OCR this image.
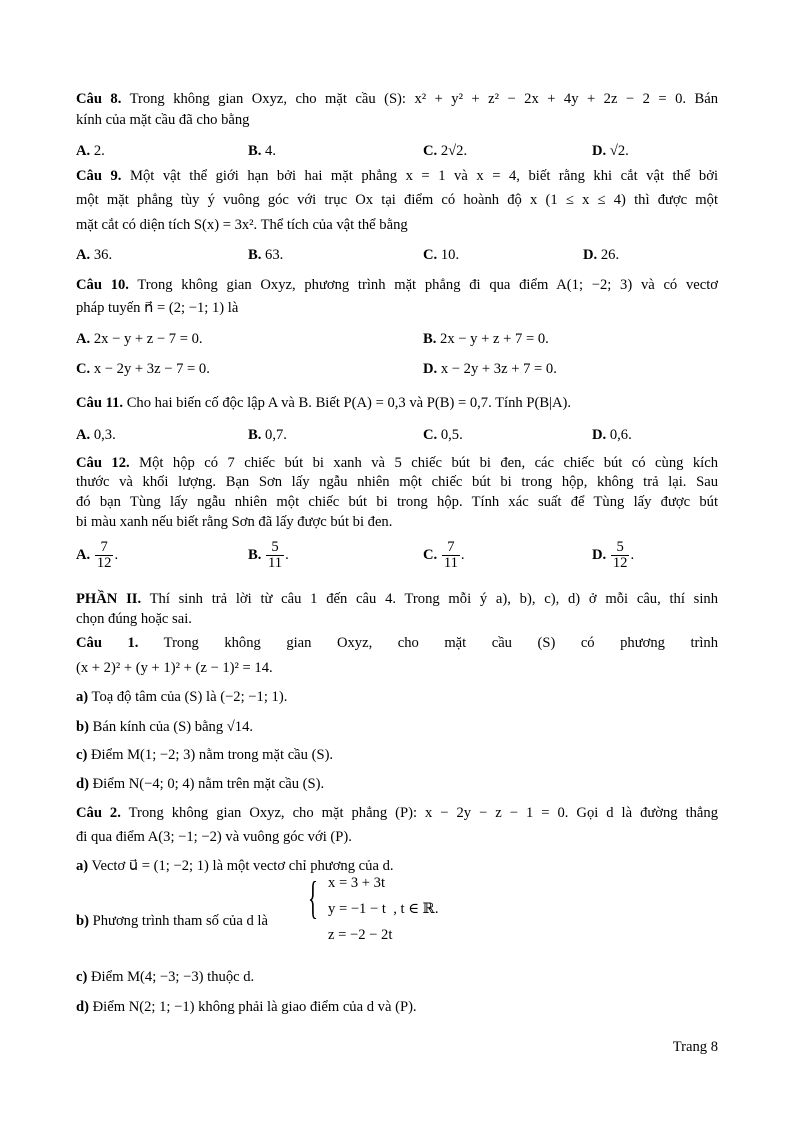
Câu 8. Trong không gian Oxyz, cho mặt cầu (S): x² + y² + z² − 2x + 4y + 2z − 2 = 0. Bán
kính của mặt cầu đã cho bằng
A. 2.	B. 4.	C. 2√2.	D. √2.
Câu 9. Một vật thể giới hạn bởi hai mặt phẳng x = 1 và x = 4, biết rằng khi cắt vật thể bởi
một mặt phẳng tùy ý vuông góc với trục Ox tại điểm có hoành độ x (1 ≤ x ≤ 4) thì được một
mặt cắt có diện tích S(x) = 3x². Thể tích của vật thể bằng
A. 36.	B. 63.	C. 10.	D. 26.
Câu 10. Trong không gian Oxyz, phương trình mặt phẳng đi qua điểm A(1; −2; 3) và có vectơ
pháp tuyến n⃗ = (2; −1; 1) là
A. 2x − y + z − 7 = 0.	B. 2x − y + z + 7 = 0.
C. x − 2y + 3z − 7 = 0.	D. x − 2y + 3z + 7 = 0.
Câu 11. Cho hai biến cố độc lập A và B. Biết P(A) = 0,3 và P(B) = 0,7. Tính P(B|A).
A. 0,3.	B. 0,7.	C. 0,5.	D. 0,6.
Câu 12. Một hộp có 7 chiếc bút bi xanh và 5 chiếc bút bi đen, các chiếc bút có cùng kích
thước và khối lượng. Bạn Sơn lấy ngẫu nhiên một chiếc bút bi trong hộp, không trả lại. Sau
đó bạn Tùng lấy ngẫu nhiên một chiếc bút bi trong hộp. Tính xác suất để Tùng lấy được bút
bi màu xanh nếu biết rằng Sơn đã lấy được bút bi đen.
A. $\frac{7}{12}$ .	B. $\frac{5}{11}$ .	C. $\frac{7}{11}$ .	D. $\frac{5}{12}$ .
PHẦN II. Thí sinh trả lời từ câu 1 đến câu 4. Trong mỗi ý a), b), c), d) ở mỗi câu, thí sinh
chọn đúng hoặc sai.
Câu 1. Trong không gian Oxyz, cho mặt cầu (S) có phương trình
(x + 2)² + (y + 1)² + (z − 1)² = 14.
a) Toạ độ tâm của (S) là (−2; −1; 1).
b) Bán kính của (S) bằng √14.
c) Điểm M(1; −2; 3) nằm trong mặt cầu (S).
d) Điểm N(−4; 0; 4) nằm trên mặt cầu (S).
Câu 2. Trong không gian Oxyz, cho mặt phẳng (P): x − 2y − z − 1 = 0. Gọi d là đường thẳng
đi qua điểm A(3; −1; −2) và vuông góc với (P).
a) Vectơ u⃗ = (1; −2; 1) là một vectơ chỉ phương của d.
b) Phương trình tham số của d là { x = 3 + 3t
y = −1 − t , t ∈ ℝ.
z = −2 − 2t
c) Điểm M(4; −3; −3) thuộc d.
d) Điểm N(2; 1; −1) không phải là giao điểm của d và (P).
Trang 8
